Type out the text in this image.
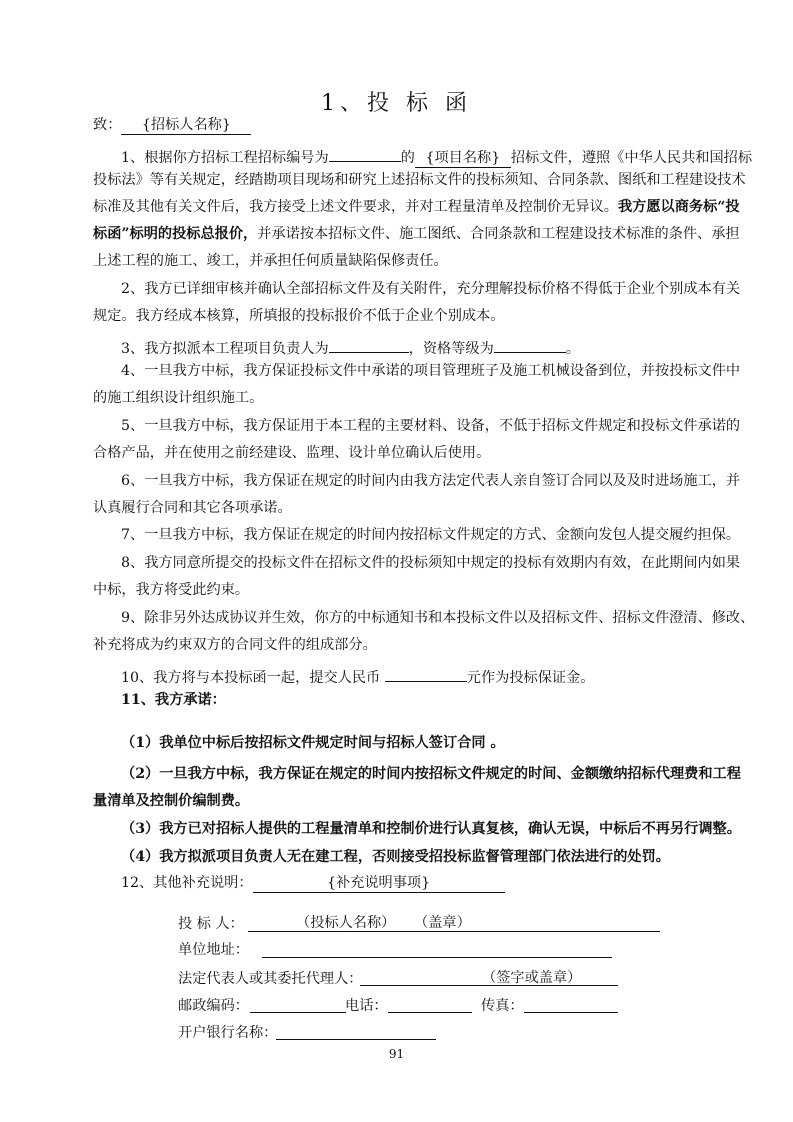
1、投 标 函
致： {招标人名称}
1、根据你方招标工程招标编号为	的 {项目名称} 招标文件，遵照《中华人民共和国招标
投标法》等有关规定，经踏勘项目现场和研究上述招标文件的投标须知、合同条款、图纸和工程建设技术
标准及其他有关文件后，我方接受上述文件要求，并对工程量清单及控制价无异议。我方愿以商务标“投
标函”标明的投标总报价，并承诺按本招标文件、施工图纸、合同条款和工程建设技术标准的条件、承担
上述工程的施工、竣工，并承担任何质量缺陷保修责任。
2、我方已详细审核并确认全部招标文件及有关附件，充分理解投标价格不得低于企业个别成本有关
规定。我方经成本核算，所填报的投标报价不低于企业个别成本。
3、我方拟派本工程项目负责人为	，资格等级为	。
4、一旦我方中标，我方保证投标文件中承诺的项目管理班子及施工机械设备到位，并按投标文件中
的施工组织设计组织施工。
5、一旦我方中标，我方保证用于本工程的主要材料、设备，不低于招标文件规定和投标文件承诺的
合格产品，并在使用之前经建设、监理、设计单位确认后使用。
6、一旦我方中标，我方保证在规定的时间内由我方法定代表人亲自签订合同以及及时进场施工，并
认真履行合同和其它各项承诺。
7、一旦我方中标，我方保证在规定的时间内按招标文件规定的方式、金额向发包人提交履约担保。
8、我方同意所提交的投标文件在招标文件的投标须知中规定的投标有效期内有效，在此期间内如果
中标，我方将受此约束。
9、除非另外达成协议并生效，你方的中标通知书和本投标文件以及招标文件、招标文件澄清、修改、
补充将成为约束双方的合同文件的组成部分。
10、我方将与本投标函一起，提交人民币	元作为投标保证金。
11、我方承诺：
（1）我单位中标后按招标文件规定时间与招标人签订合同 。
（2）一旦我方中标，我方保证在规定的时间内按招标文件规定的时间、金额缴纳招标代理费和工程
量清单及控制价编制费。
（3）我方已对招标人提供的工程量清单和控制价进行认真复核，确认无误，中标后不再另行调整。
（4）我方拟派项目负责人无在建工程，否则接受招投标监督管理部门依法进行的处罚。
12、其他补充说明：	{补充说明事项}
投 标 人：	（投标人名称） （盖章）
单位地址：
法定代表人或其委托代理人：	（签字或盖章）
邮政编码：	电话：	传真：
开户银行名称：
91
